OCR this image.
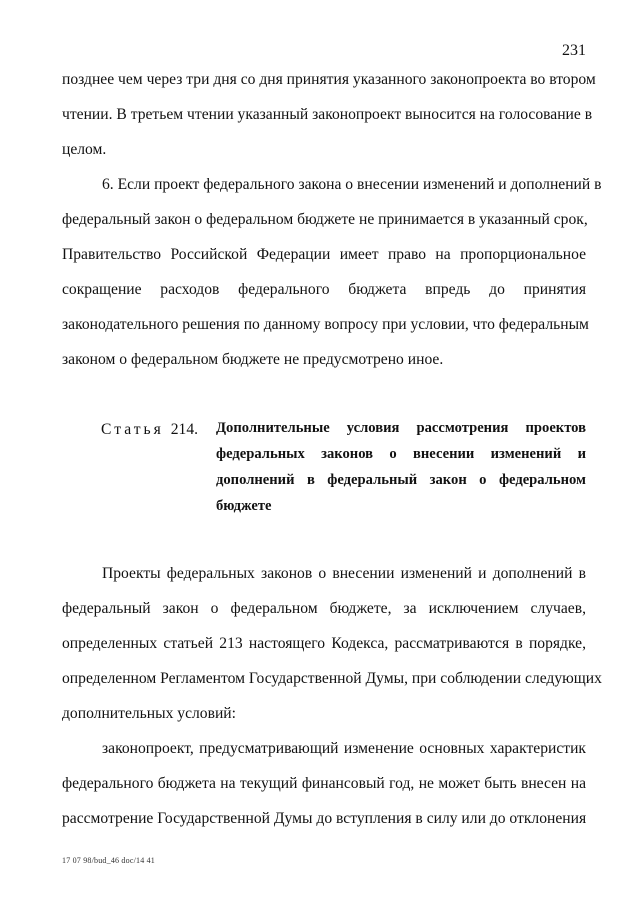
231

позднее чем через три дня со дня принятия указанного законопроекта во втором

чтении. В третьем чтении указанный законопроект выносится на голосование в

целом.

6. Если проект федерального закона о внесении изменений и дополнений в

федеральный закон о федеральном бюджете не принимается в указанный срок,

Правительство Российской Федерации имеет право на пропорциональное

сокращение расходов федерального бюджета впредь до принятия

законодательного решения по данному вопросу при условии, что федеральным

законом о федеральном бюджете не предусмотрено иное.

Статья 214. Дополнительные условия рассмотрения проектов

федеральных законов о внесении изменений и

дополнений в федеральный закон о федеральном

бюджете

Проекты федеральных законов о внесении изменений и дополнений в

федеральный закон о федеральном бюджете, за исключением случаев,

определенных статьей 213 настоящего Кодекса, рассматриваются в порядке,

определенном Регламентом Государственной Думы, при соблюдении следующих

дополнительных условий:

законопроект, предусматривающий изменение основных характеристик

федерального бюджета на текущий финансовый год, не может быть внесен на

рассмотрение Государственной Думы до вступления в силу или до отклонения

17 07 98/bud_46 doc/14 41
